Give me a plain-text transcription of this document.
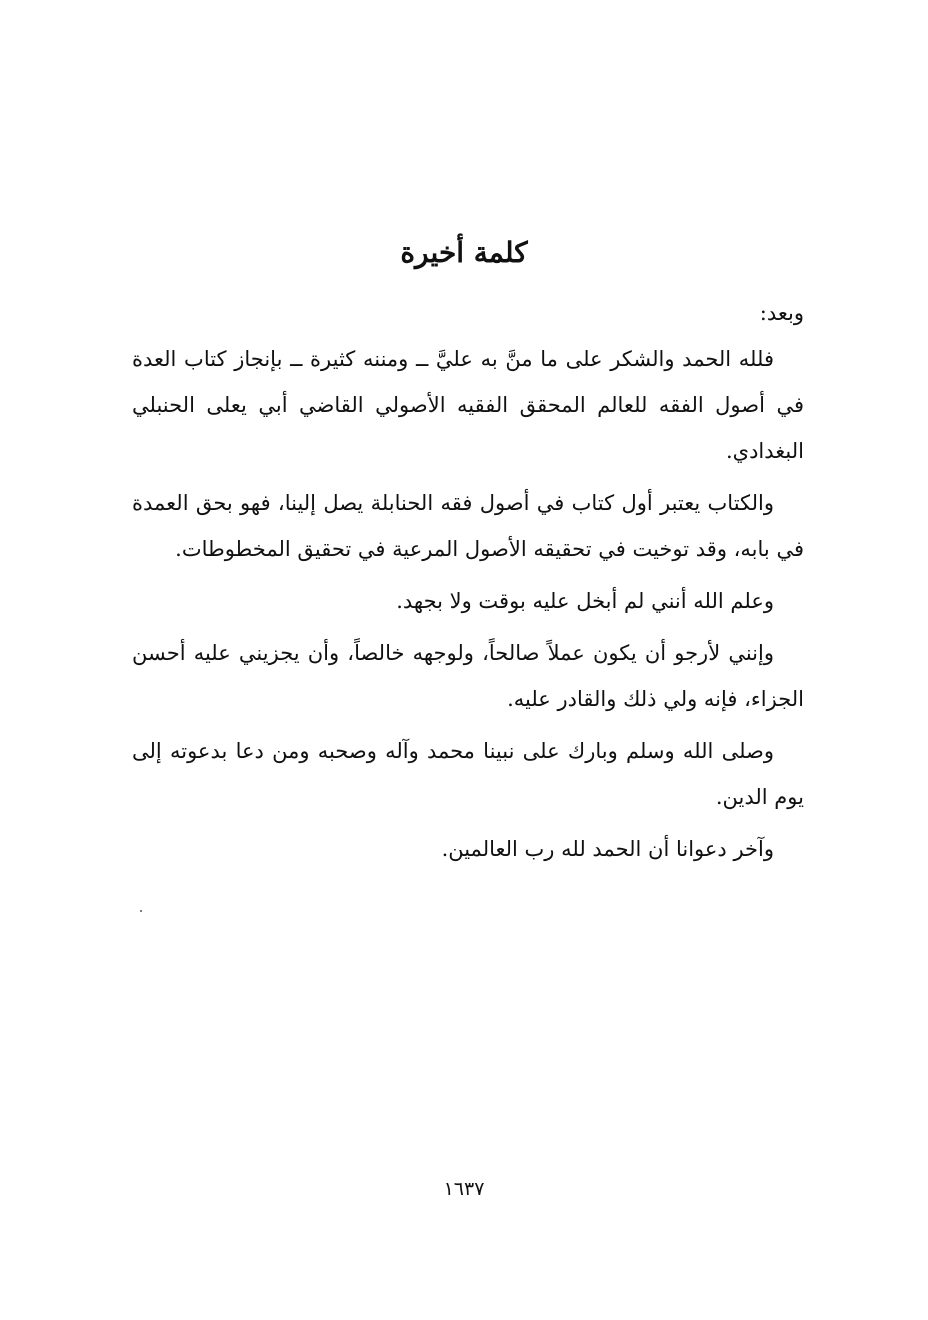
كلمة أخيرة

وبعد:

فلله الحمد والشكر على ما منَّ به عليَّ ــ ومننه كثيرة ــ بإنجاز كتاب العدة في أصول الفقه للعالم المحقق الفقيه الأصولي القاضي أبي يعلى الحنبلي البغدادي.

والكتاب يعتبر أول كتاب في أصول فقه الحنابلة يصل إلينا، فهو بحق العمدة في بابه، وقد توخيت في تحقيقه الأصول المرعية في تحقيق المخطوطات.

وعلم الله أنني لم أبخل عليه بوقت ولا بجهد.

وإنني لأرجو أن يكون عملاً صالحاً، ولوجهه خالصاً، وأن يجزيني عليه أحسن الجزاء، فإنه ولي ذلك والقادر عليه.

وصلى الله وسلم وبارك على نبينا محمد وآله وصحبه ومن دعا بدعوته إلى يوم الدين.

وآخر دعوانا أن الحمد لله رب العالمين.

١٦٣٧
